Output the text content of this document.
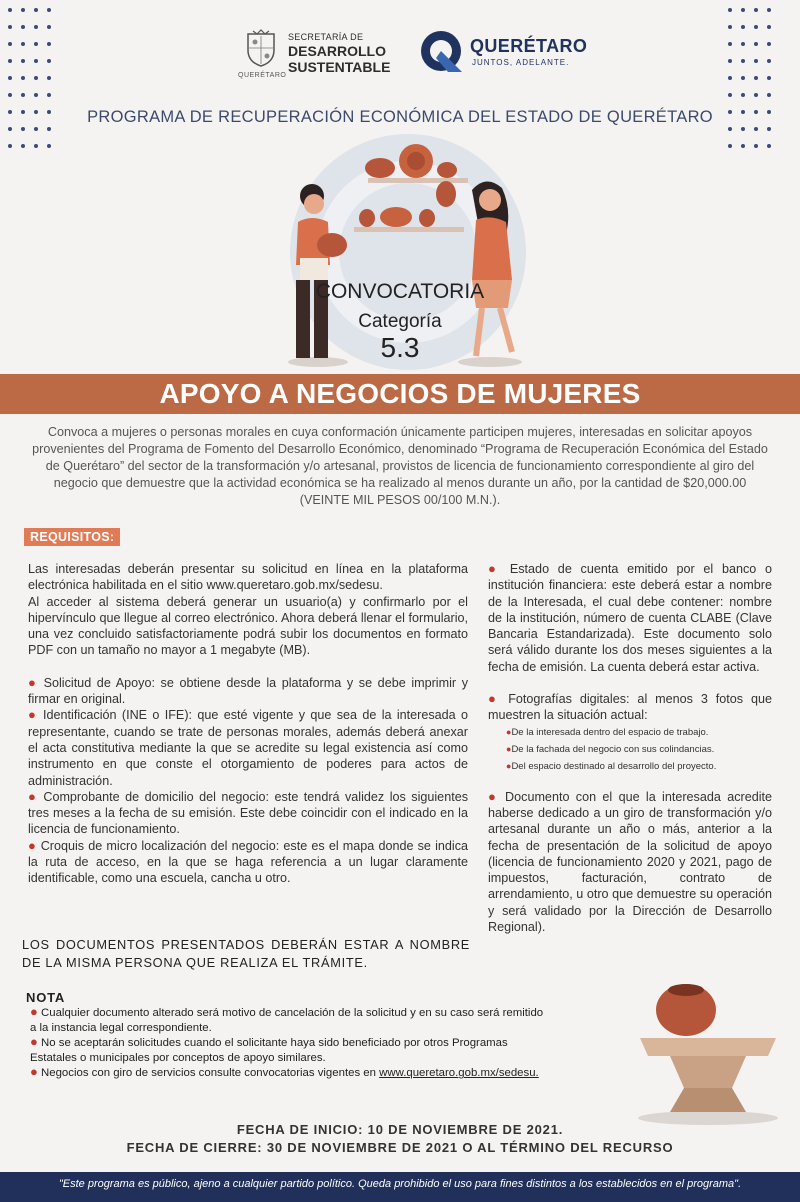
QUERÉTARO
SECRETARÍA DE
DESARROLLO
SUSTENTABLE
QUERÉTARO
JUNTOS, ADELANTE.
PROGRAMA DE RECUPERACIÓN ECONÓMICA DEL ESTADO DE QUERÉTARO
CONVOCATORIA
Categoría
5.3
APOYO A NEGOCIOS DE MUJERES
Convoca a mujeres o personas morales en cuya conformación únicamente participen mujeres, interesadas en solicitar apoyos provenientes del Programa de Fomento del Desarrollo Económico, denominado “Programa de Recuperación Económica del Estado de Querétaro” del sector de la transformación y/o artesanal, provistos de licencia de funcionamiento correspondiente al giro del negocio que demuestre que la actividad económica se ha realizado al menos durante un año, por la cantidad de $20,000.00 (VEINTE MIL PESOS 00/100 M.N.).
REQUISITOS:

Las interesadas deberán presentar su solicitud en línea en la plataforma electrónica habilitada en el sitio www.queretaro.gob.mx/sedesu.

Al acceder al sistema deberá generar un usuario(a) y confirmarlo por el hipervínculo que llegue al correo electrónico. Ahora deberá llenar el formulario, una vez concluido satisfactoriamente podrá subir los documentos en formato PDF con un tamaño no mayor a 1 megabyte (MB).

● Solicitud de Apoyo: se obtiene desde la plataforma y se debe imprimir y firmar en original.

● Identificación (INE o IFE): que esté vigente y que sea de la interesada o representante, cuando se trate de personas morales, además deberá anexar el acta constitutiva mediante la que se acredite su legal existencia así como instrumento en que conste el otorgamiento de poderes para actos de administración.

● Comprobante de domicilio del negocio: este tendrá validez los siguientes tres meses a la fecha de su emisión. Este debe coincidir con el indicado en la licencia de funcionamiento.

● Croquis de micro localización del negocio: este es el mapa donde se indica la ruta de acceso, en la que se haga referencia a un lugar claramente identificable, como una escuela, cancha u otro.

● Estado de cuenta emitido por el banco o institución financiera: este deberá estar a nombre de la Interesada, el cual debe contener: nombre de la institución, número de cuenta CLABE (Clave Bancaria Estandarizada). Este documento solo será válido durante los dos meses siguientes a la fecha de emisión. La cuenta deberá estar activa.

● Fotografías digitales: al menos 3 fotos que muestren la situación actual:

●De la interesada dentro del espacio de trabajo.
●De la fachada del negocio con sus colindancias.
●Del espacio destinado al desarrollo del proyecto.

● Documento con el que la interesada acredite haberse dedicado a un giro de transformación y/o artesanal durante un año o más, anterior a la fecha de presentación de la solicitud de apoyo (licencia de funcionamiento 2020 y 2021, pago de impuestos, facturación, contrato de arrendamiento, u otro que demuestre su operación y será validado por la Dirección de Desarrollo Regional).

LOS DOCUMENTOS PRESENTADOS DEBERÁN ESTAR A NOMBRE DE LA MISMA PERSONA QUE REALIZA EL TRÁMITE.
NOTA

● Cualquier documento alterado será motivo de cancelación de la solicitud y en su caso será remitido a la instancia legal correspondiente.

● No se aceptarán solicitudes cuando el solicitante haya sido beneficiado por otros Programas Estatales o municipales por conceptos de apoyo similares.

● Negocios con giro de servicios consulte convocatorias vigentes en www.queretaro.gob.mx/sedesu.

FECHA DE INICIO: 10 DE NOVIEMBRE DE 2021.
FECHA DE CIERRE: 30 DE NOVIEMBRE DE 2021 O AL TÉRMINO DEL RECURSO
"Este programa es público, ajeno a cualquier partido político. Queda prohibido el uso para fines distintos a los establecidos en el programa".
